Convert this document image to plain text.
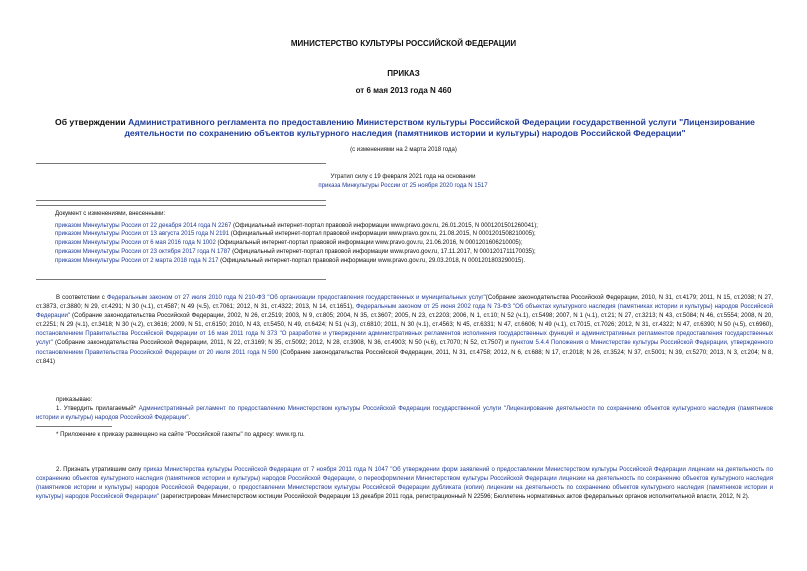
МИНИСТЕРСТВО КУЛЬТУРЫ РОССИЙСКОЙ ФЕДЕРАЦИИ
ПРИКАЗ
от 6 мая 2013 года N 460
Об утверждении Административного регламента по предоставлению Министерством культуры Российской Федерации государственной услуги "Лицензирование деятельности по сохранению объектов культурного наследия (памятников истории и культуры) народов Российской Федерации"
(с изменениями на 2 марта 2018 года)

Утратил силу с 19 февраля 2021 года на основании

приказа Минкультуры России от 25 ноября 2020 года N 1517

Документ с изменениями, внесенными:

приказом Минкультуры России от 22 декабря 2014 года N 2267 (Официальный интернет-портал правовой информации www.pravo.gov.ru, 26.01.2015, N 0001201501260041);

приказом Минкультуры России от 13 августа 2015 года N 2191 (Официальный интернет-портал правовой информации www.pravo.gov.ru, 21.08.2015, N 0001201508210005);

приказом Минкультуры России от 6 мая 2016 года N 1002 (Официальный интернет-портал правовой информации www.pravo.gov.ru, 21.06.2016, N 0001201606210005);

приказом Минкультуры России от 23 октября 2017 года N 1787 (Официальный интернет-портал правовой информации www.pravo.gov.ru, 17.11.2017, N 0001201711170035);

приказом Минкультуры России от 2 марта 2018 года N 217 (Официальный интернет-портал правовой информации www.pravo.gov.ru, 29.03.2018, N 0001201803290015).

В соответствии с Федеральным законом от 27 июля 2010 года N 210-ФЗ "Об организации предоставления государственных и муниципальных услуг"(Собрание законодательства Российской Федерации, 2010, N 31, ст.4179; 2011, N 15, ст.2038; N 27, ст.3873, ст.3880; N 29, ст.4291; N 30 (ч.1), ст.4587; N 49 (ч.5), ст.7061; 2012, N 31, ст.4322; 2013, N 14, ст.1651), Федеральным законом от 25 июня 2002 года N 73-ФЗ "Об объектах культурного наследия (памятниках истории и культуры) народов Российской Федерации" (Собрание законодательства Российской Федерации, 2002, N 26, ст.2519; 2003, N 9, ст.805; 2004, N 35, ст.3607; 2005, N 23, ст.2203; 2006, N 1, ст.10; N 52 (ч.1), ст.5498; 2007, N 1 (ч.1), ст.21; N 27, ст.3213; N 43, ст.5084; N 46, ст.5554; 2008, N 20, ст.2251; N 29 (ч.1), ст.3418; N 30 (ч.2), ст.3616; 2009, N 51, ст.6150; 2010, N 43, ст.5450, N 49, ст.6424; N 51 (ч.3), ст.6810; 2011, N 30 (ч.1), ст.4563; N 45, ст.6331; N 47, ст.6606; N 49 (ч.1), ст.7015, ст.7026; 2012, N 31, ст.4322; N 47, ст.6390; N 50 (ч.5), ст.6960), постановлением Правительства Российской Федерации от 16 мая 2011 года N 373 "О разработке и утверждении административных регламентов исполнения государственных функций и административных регламентов предоставления государственных услуг" (Собрание законодательства Российской Федерации, 2011, N 22, ст.3169; N 35, ст.5092; 2012, N 28, ст.3908, N 36, ст.4903; N 50 (ч.6), ст.7070; N 52, ст.7507) и пунктом 5.4.4 Положения о Министерстве культуры Российской Федерации, утвержденного постановлением Правительства Российской Федерации от 20 июля 2011 года N 590 (Собрание законодательства Российской Федерации, 2011, N 31, ст.4758; 2012, N 6, ст.688; N 17, ст.2018; N 26, ст.3524; N 37, ст.5001; N 39, ст.5270; 2013, N 3, ст.204; N 8, ст.841)
приказываю:
1. Утвердить прилагаемый* Административный регламент по предоставлению Министерством культуры Российской Федерации государственной услуги "Лицензирование деятельности по сохранению объектов культурного наследия (памятников истории и культуры) народов Российской Федерации".
* Приложение к приказу размещено на сайте "Российской газеты" по адресу: www.rg.ru.
2. Признать утратившим силу приказ Министерства культуры Российской Федерации от 7 ноября 2011 года N 1047 "Об утверждении форм заявлений о предоставлении Министерством культуры Российской Федерации лицензии на деятельность по сохранению объектов культурного наследия (памятников истории и культуры) народов Российской Федерации, о переоформлении Министерством культуры Российской Федерации лицензии на деятельность по сохранению объектов культурного наследия (памятников истории и культуры) народов Российской Федерации, о предоставлении Министерством культуры Российской Федерации дубликата (копии) лицензии на деятельность по сохранению объектов культурного наследия (памятников истории и культуры) народов Российской Федерации" (зарегистрирован Министерством юстиции Российской Федерации 13 декабря 2011 года, регистрационный N 22596; Бюллетень нормативных актов федеральных органов исполнительной власти, 2012, N 2).
